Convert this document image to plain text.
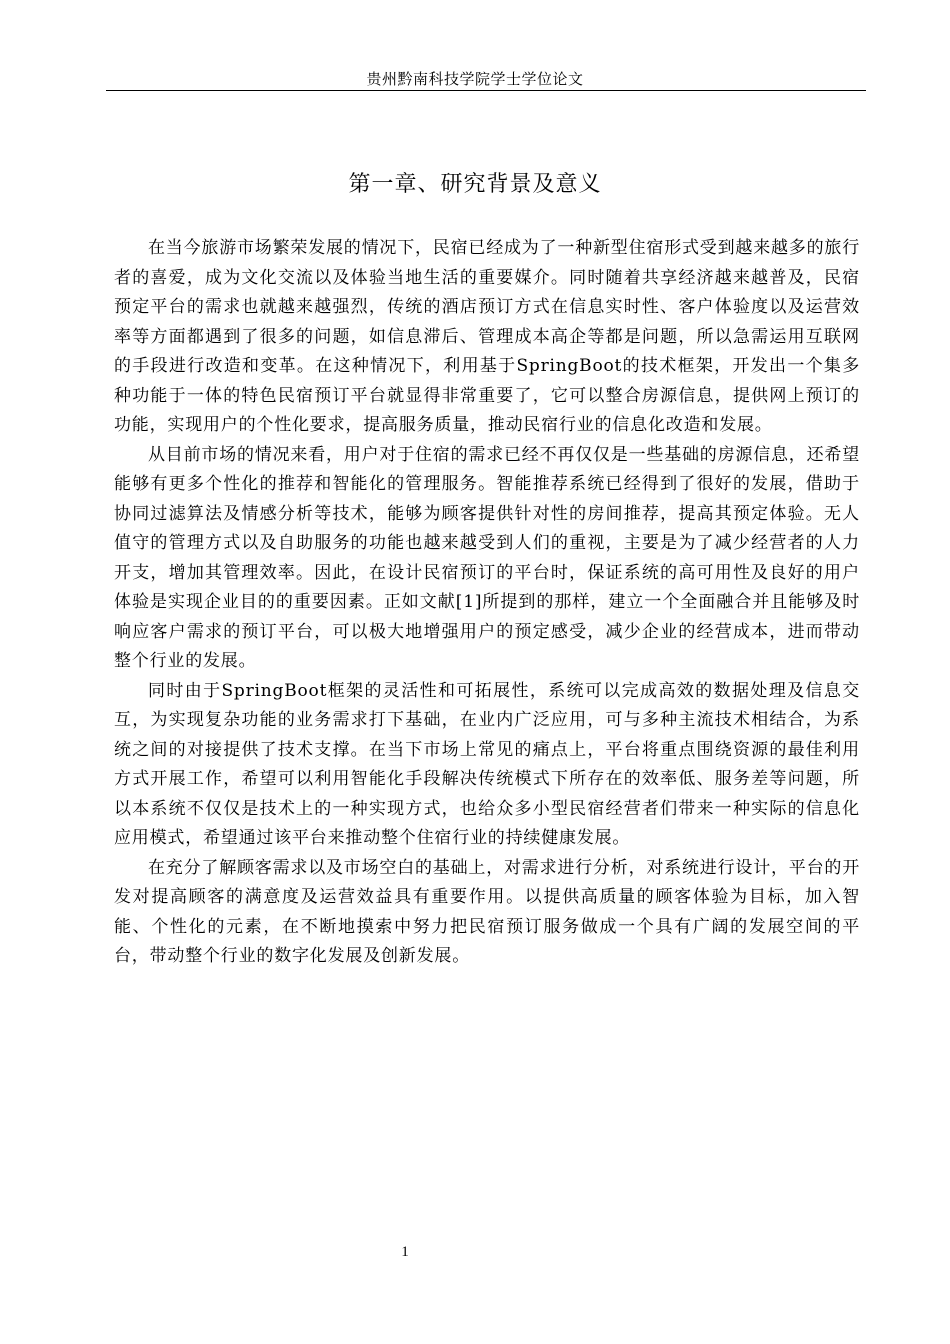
贵州黔南科技学院学士学位论文
第一章、研究背景及意义

在当今旅游市场繁荣发展的情况下，民宿已经成为了一种新型住宿形式受到越来越多的旅行者的喜爱，成为文化交流以及体验当地生活的重要媒介。同时随着共享经济越来越普及，民宿预定平台的需求也就越来越强烈，传统的酒店预订方式在信息实时性、客户体验度以及运营效率等方面都遇到了很多的问题，如信息滞后、管理成本高企等都是问题，所以急需运用互联网的手段进行改造和变革。在这种情况下，利用基于SpringBoot的技术框架，开发出一个集多种功能于一体的特色民宿预订平台就显得非常重要了，它可以整合房源信息，提供网上预订的功能，实现用户的个性化要求，提高服务质量，推动民宿行业的信息化改造和发展。

从目前市场的情况来看，用户对于住宿的需求已经不再仅仅是一些基础的房源信息，还希望能够有更多个性化的推荐和智能化的管理服务。智能推荐系统已经得到了很好的发展，借助于协同过滤算法及情感分析等技术，能够为顾客提供针对性的房间推荐，提高其预定体验。无人值守的管理方式以及自助服务的功能也越来越受到人们的重视，主要是为了减少经营者的人力开支，增加其管理效率。因此，在设计民宿预订的平台时，保证系统的高可用性及良好的用户体验是实现企业目的的重要因素。正如文献[1]所提到的那样，建立一个全面融合并且能够及时响应客户需求的预订平台，可以极大地增强用户的预定感受，减少企业的经营成本，进而带动整个行业的发展。

同时由于SpringBoot框架的灵活性和可拓展性，系统可以完成高效的数据处理及信息交互，为实现复杂功能的业务需求打下基础，在业内广泛应用，可与多种主流技术相结合，为系统之间的对接提供了技术支撑。在当下市场上常见的痛点上，平台将重点围绕资源的最佳利用方式开展工作，希望可以利用智能化手段解决传统模式下所存在的效率低、服务差等问题，所以本系统不仅仅是技术上的一种实现方式，也给众多小型民宿经营者们带来一种实际的信息化应用模式，希望通过该平台来推动整个住宿行业的持续健康发展。

在充分了解顾客需求以及市场空白的基础上，对需求进行分析，对系统进行设计，平台的开发对提高顾客的满意度及运营效益具有重要作用。以提供高质量的顾客体验为目标，加入智能、个性化的元素，在不断地摸索中努力把民宿预订服务做成一个具有广阔的发展空间的平台，带动整个行业的数字化发展及创新发展。

1
